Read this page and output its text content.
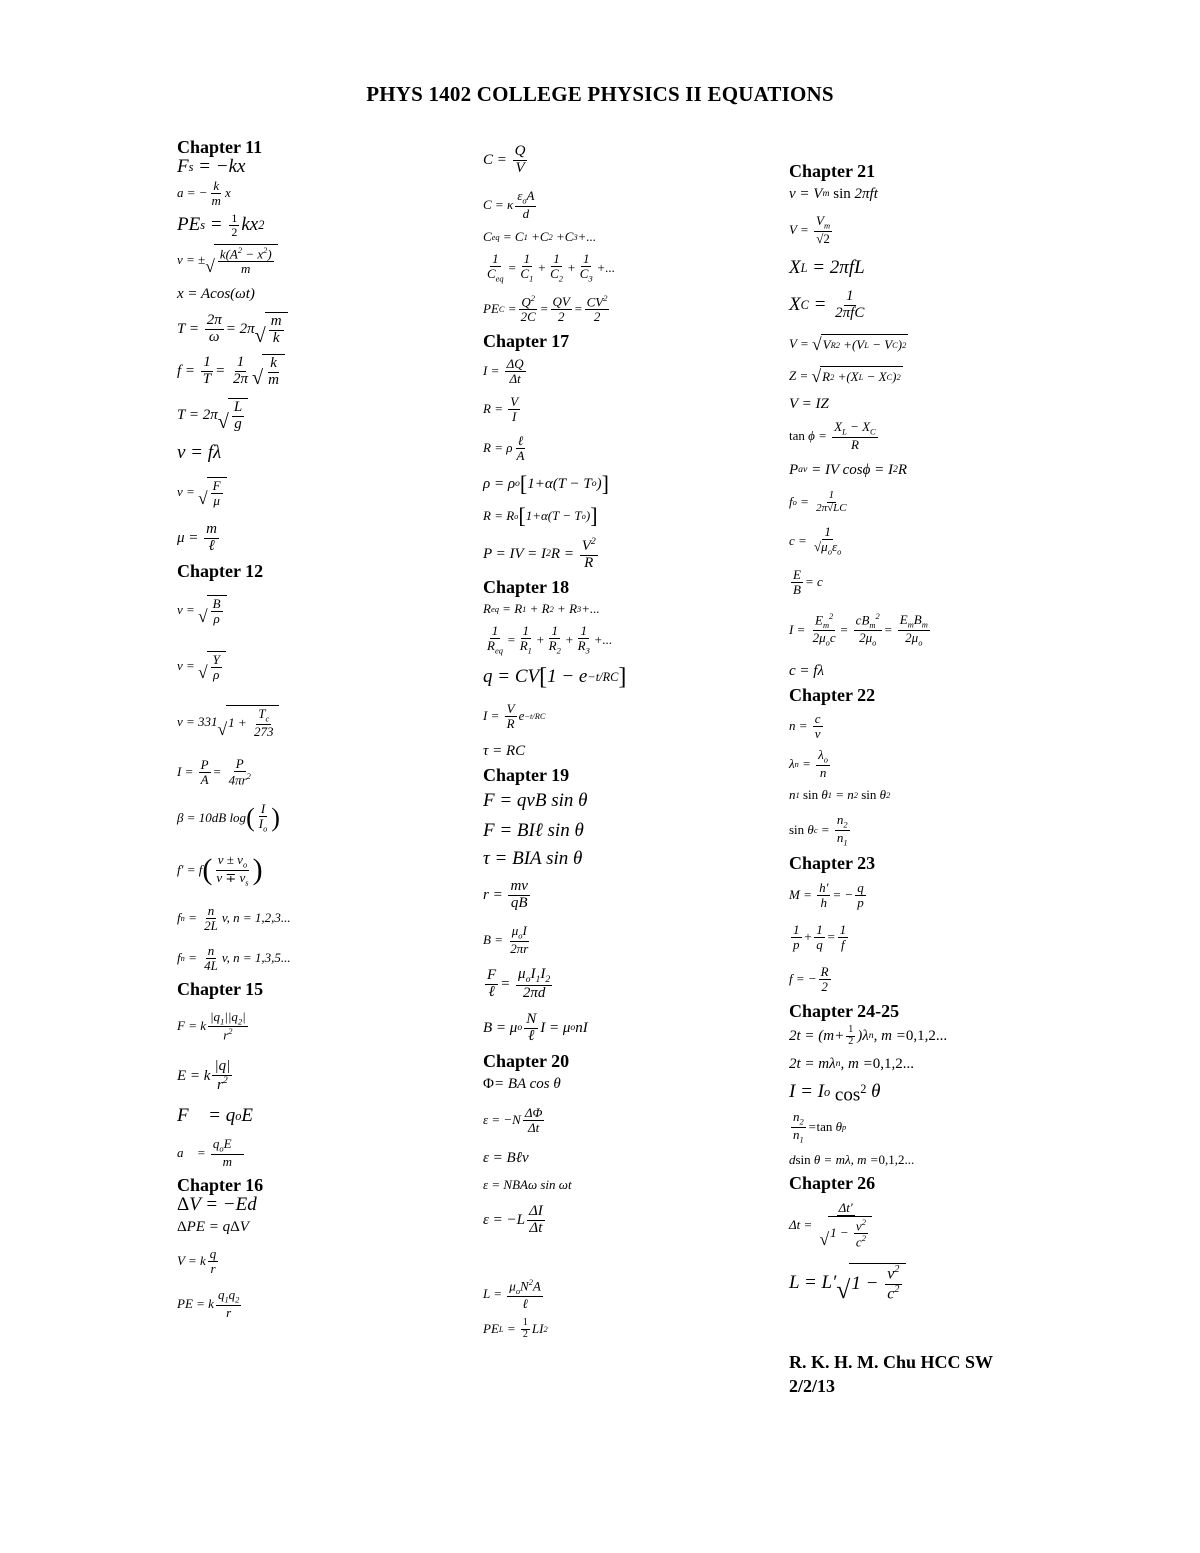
PHYS 1402 COLLEGE PHYSICS II EQUATIONS

Chapter 11

F s = −kx
a = − k
m x
PE s = 1
2 kx 2
v = ± √
$k(A^2 - x^2)$
m
x = Acos(ωt)
T =
2π
ω = 2π √
m
k
f =
1
T =
1
2π √
k
m
T = 2π √
L
g
v = fλ
v = √
F
μ
μ =
m
ℓ

Chapter 12

v = √
B
ρ
v = √
Y
ρ
v = 331 √ 1 +
$T_c$
273
I = P
A =
P
$4\pi r^2$
β = 10dB log ( I
$I_o$ )
f′ = f ( $v \pm v_o$
$v \mp v_s$ )
f n = n
2L v, n = 1,2,3...
f n = n
4L v, n = 1,3,5...

Chapter 15

F = k
$|q_1||q_2|$
$r^2$
E = k
|q|
$r^2$
F⃗ = q o E⃗
a⃗ =
$q_oE⃗$
m

Chapter 16

Δ V = −Ed
Δ PE = q Δ V
V = k q
r
PE = k
$q_1q_2$
r
C =
Q
V
C = κ
$\varepsilon_oA$
d
C eq = C 1 +C 2 +C 3 +...
1
$C_{eq}$
=
1
$C_1$
+
1
$C_2$
+
1
$C_3$
+...
PE $C = Q^2$
2C
= QV
$2 = CV^2$
2

Chapter 17

I = ΔQ
Δt
R = V
I
R = ρ ℓ
A
ρ = ρ o [ 1+α(T − T o ) ]
R = R o [ 1+α(T − T o ) ]
P = IV = I 2 R =
$V^2$
R

Chapter 18

R eq = R 1 + R 2 + R 3 +...
1
$R_{eq}$
=
1
$R_1$
+
1
$R_2$
+
1
$R_3$
+...
q = CV [ 1 − e −t/RC ]
I = V
R e −t/RC
τ = RC

Chapter 19

F = qvB sin θ
F = BIℓ sin θ
τ = BIA sin θ
r =
mv
qB
B =
$\mu_oI$
2πr
F
ℓ =
$\mu_oI_1I_2$
2πd
B = μ o
N
ℓ I = μ o nI

Chapter 20

Φ = BA cos θ
ε = −N ΔΦ
Δt
ε = Bℓv
ε = NBAω sin ωt
ε = −L
ΔI
Δt
L =
$\mu_oN^2A$
ℓ
PE L = 1
2 LI 2

Chapter 21

v = V m
sin 2πft
V =
$V_m$
√2
X L = 2πfL
X C = 1
2πfC
V = √ V R 2 +(V L − V C ) 2
Z = √ R 2 +(X L − X C ) 2
V = IZ
tan ϕ =
$X_L - X_C$
R
P av = IV cosϕ = I 2 R
f o = 1
2π√LC
c =
1
$√\mu_o\varepsilon_o$
E
B = c
I =
$E_m^2$
$2\mu_oc$
=
$cB_m^2$
$2\mu_o$
=
$E_mB_m$
$2\mu_o$
c = fλ

Chapter 22

n = c
v
λ n =
$\lambda_o$
n
n 1
sin θ 1 = n 2
sin θ 2
sin θ c =
$n_2$
$n_1$

Chapter 23

M = h′
h = − q
p
1
p + 1
q = 1
f
f = − R
2

Chapter 24-25

2t = (m+ 1
2 )λ n , m = 0,1,2...
2t = mλ n , m = 0,1,2...
I = I o
$\cos^2 \theta$
$n_2$
$n_1$
= tan θ p
d sin θ = mλ, m = 0,1,2...

Chapter 26

Δt =
Δt′
√ $1 - v^2$
$c^2$
L = L′ √ $1 - v^2$
$c^2$
R. K. H. M. Chu HCC SW
2/2/13
